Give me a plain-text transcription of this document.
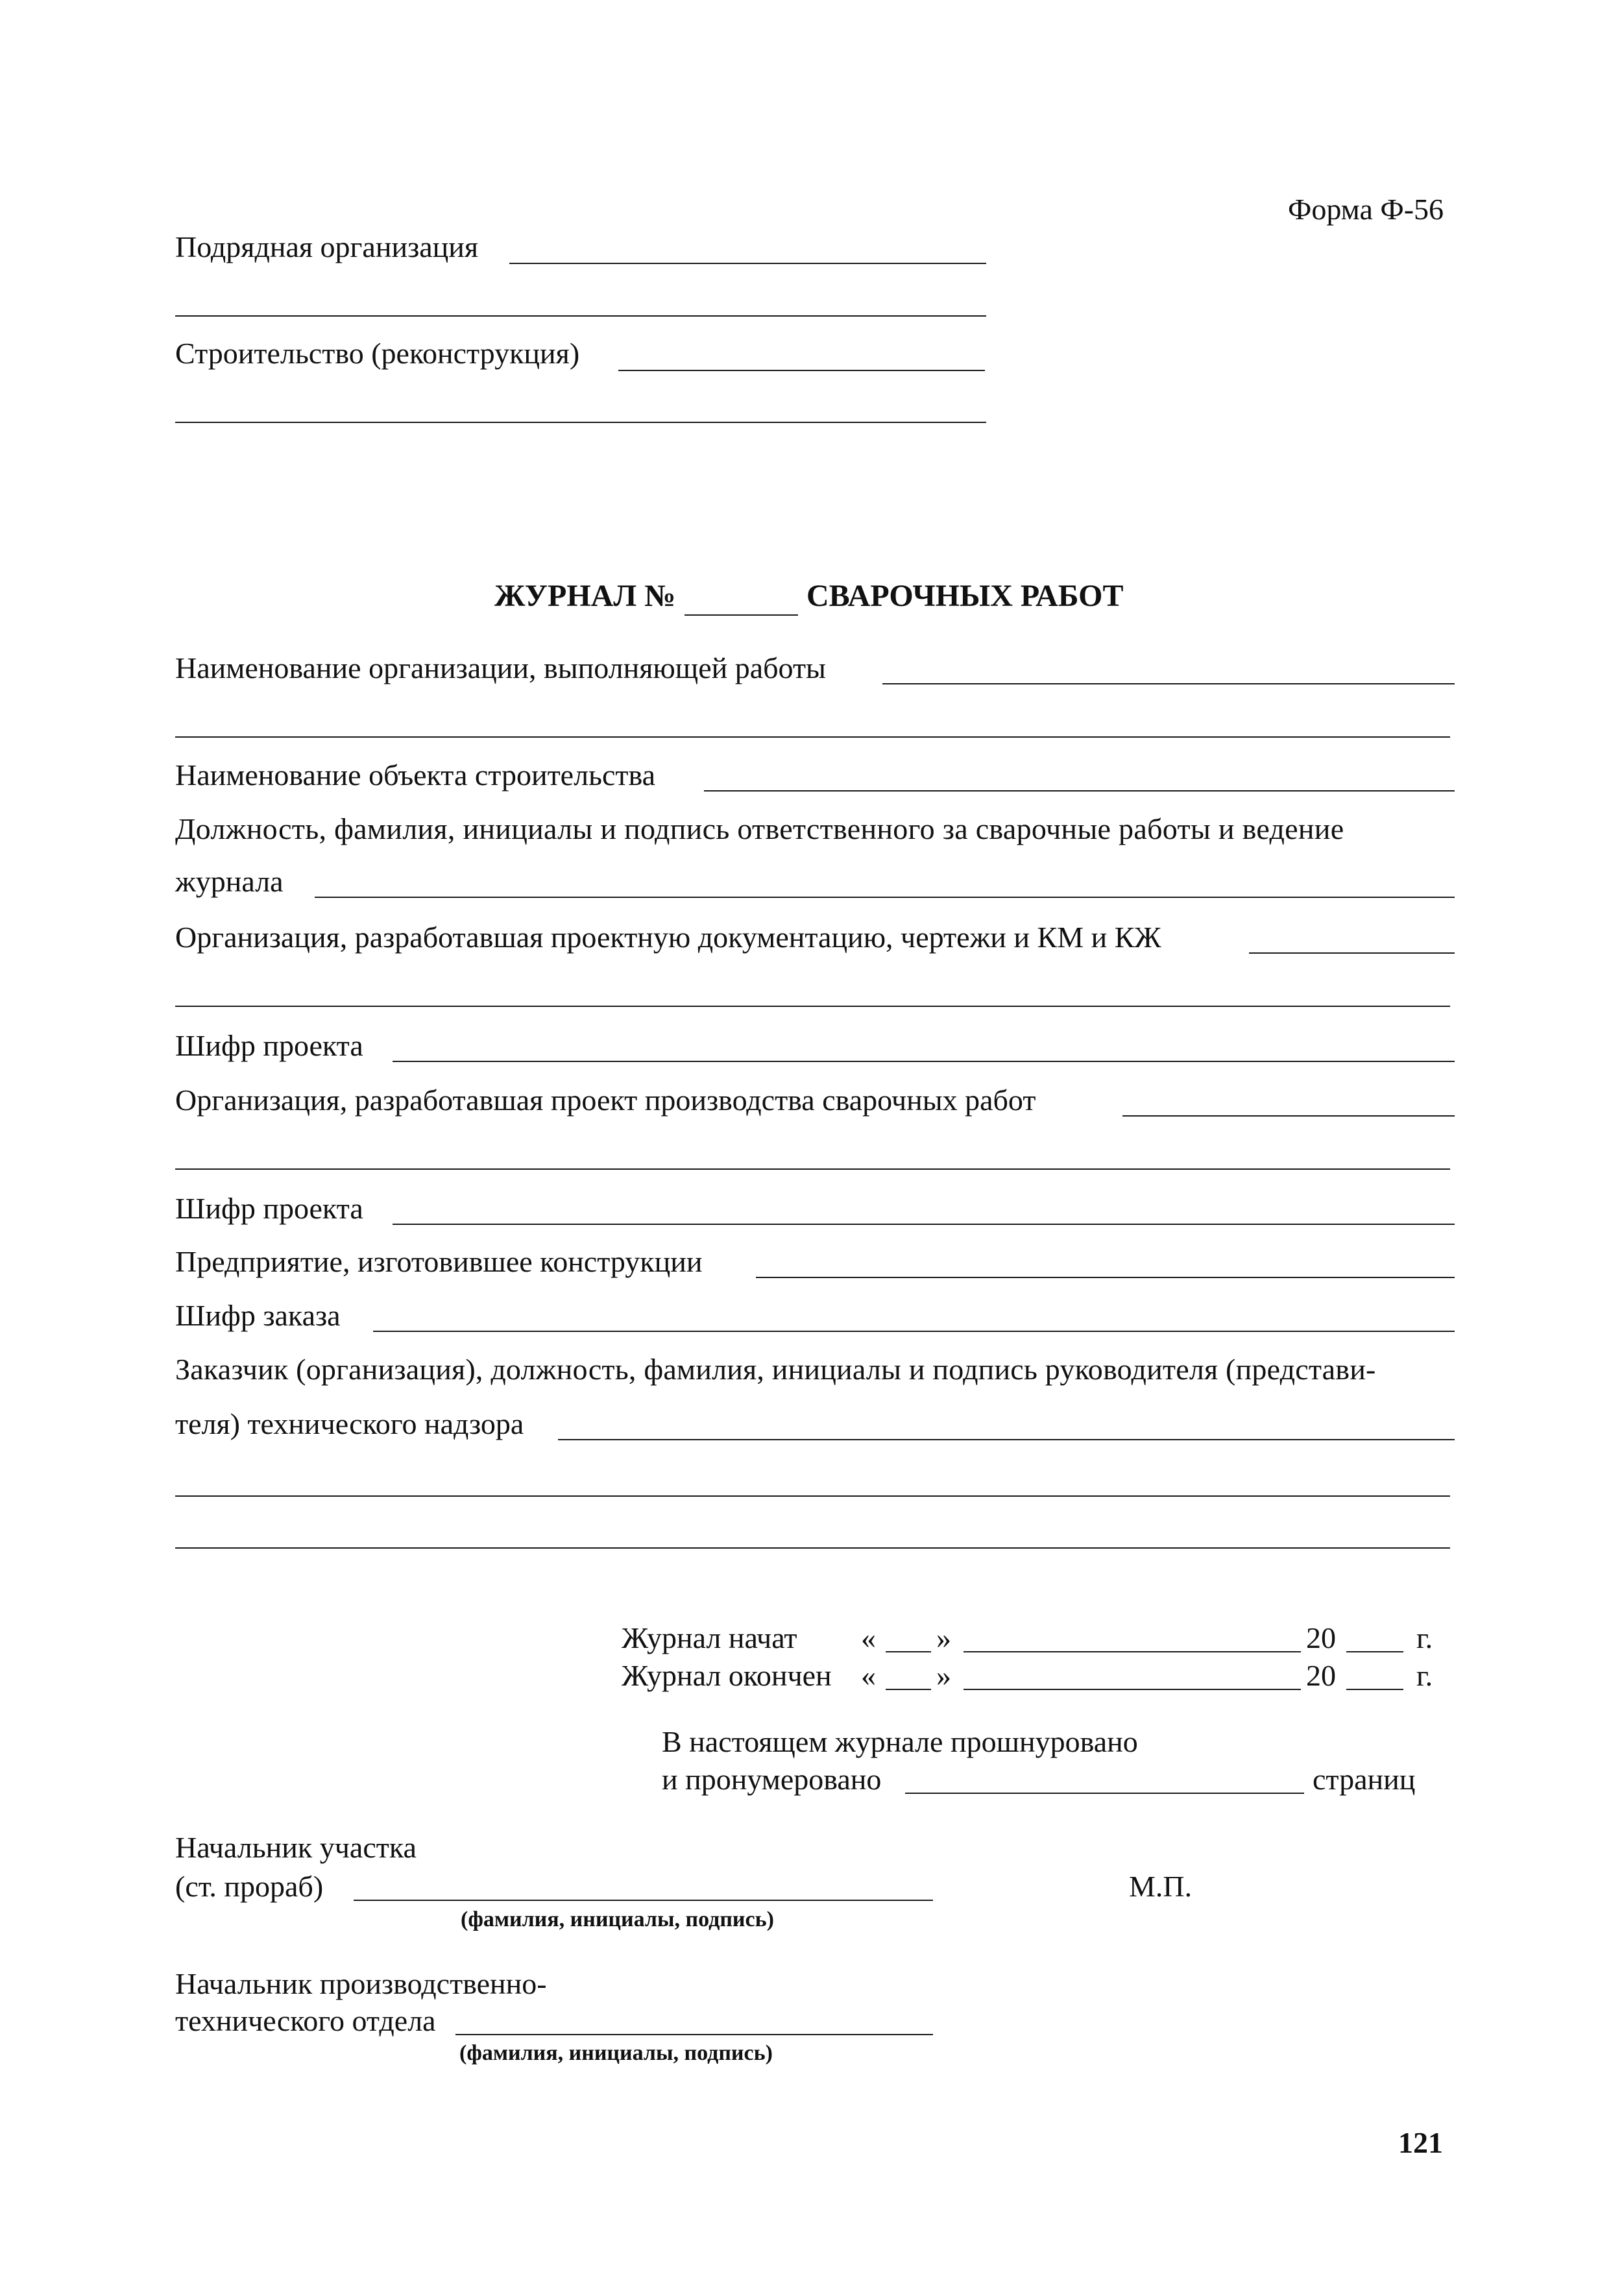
Форма Ф-56
Подрядная организация
Строительство (реконструкция)
ЖУРНАЛ №	СВАРОЧНЫХ РАБОТ
Наименование организации, выполняющей работы
Наименование объекта строительства
Должность, фамилия, инициалы и подпись ответственного за сварочные работы и ведение
журнала
Организация, разработавшая проектную документацию, чертежи и КМ и КЖ
Шифр проекта
Организация, разработавшая проект производства сварочных работ
Шифр проекта
Предприятие, изготовившее конструкции
Шифр заказа
Заказчик (организация), должность, фамилия, инициалы и подпись руководителя (представи-
теля) технического надзора
Журнал начат « »	20	г.
Журнал окончен « »	20	г.
В настоящем журнале прошнуровано
и пронумеровано	страниц
Начальник участка
(ст. прораб)
(фамилия, инициалы, подпись)
М.П.
Начальник производственно-
технического отдела
(фамилия, инициалы, подпись)
121
